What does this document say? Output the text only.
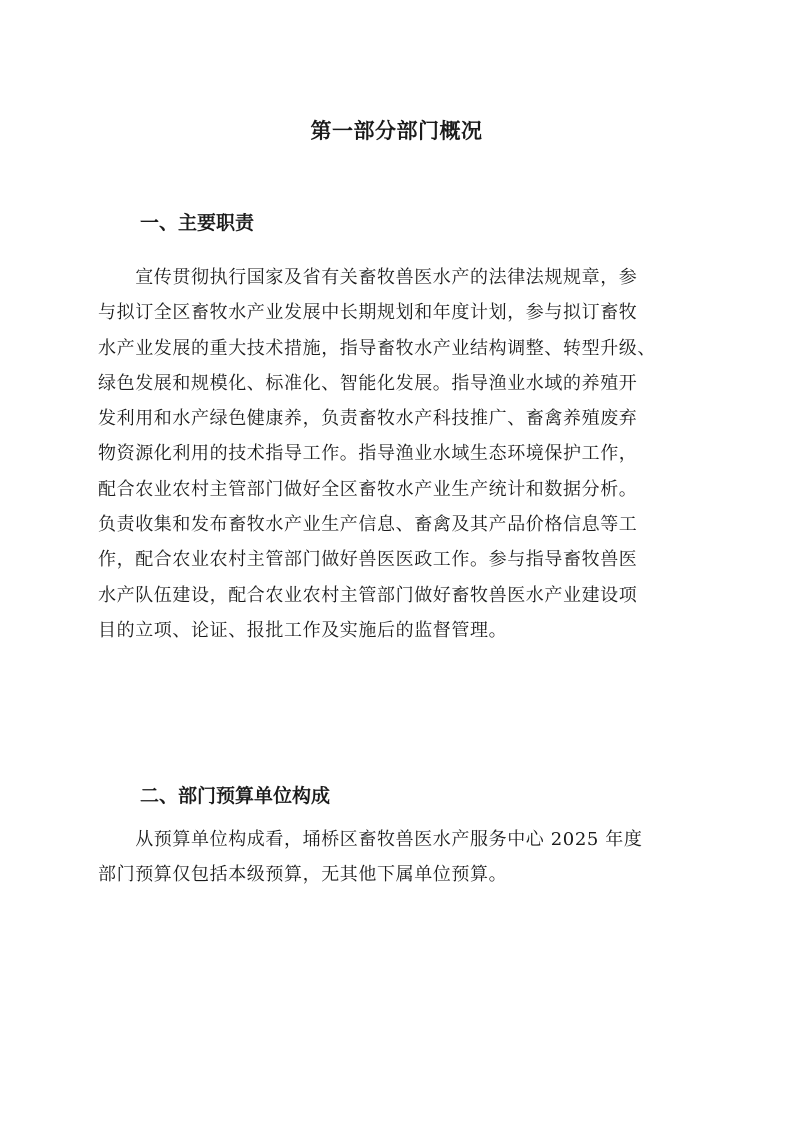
第一部分部门概况
一、主要职责

　　宣传贯彻执行国家及省有关畜牧兽医水产的法律法规规章，参
与拟订全区畜牧水产业发展中长期规划和年度计划，参与拟订畜牧
水产业发展的重大技术措施，指导畜牧水产业结构调整、转型升级、
绿色发展和规模化、标准化、智能化发展。指导渔业水域的养殖开
发利用和水产绿色健康养，负责畜牧水产科技推广、畜禽养殖废弃
物资源化利用的技术指导工作。指导渔业水域生态环境保护工作，
配合农业农村主管部门做好全区畜牧水产业生产统计和数据分析。
负责收集和发布畜牧水产业生产信息、畜禽及其产品价格信息等工
作，配合农业农村主管部门做好兽医医政工作。参与指导畜牧兽医
水产队伍建设，配合农业农村主管部门做好畜牧兽医水产业建设项
目的立项、论证、报批工作及实施后的监督管理。

二、部门预算单位构成

　　从预算单位构成看，埇桥区畜牧兽医水产服务中心 2025 年度
部门预算仅包括本级预算，无其他下属单位预算。
